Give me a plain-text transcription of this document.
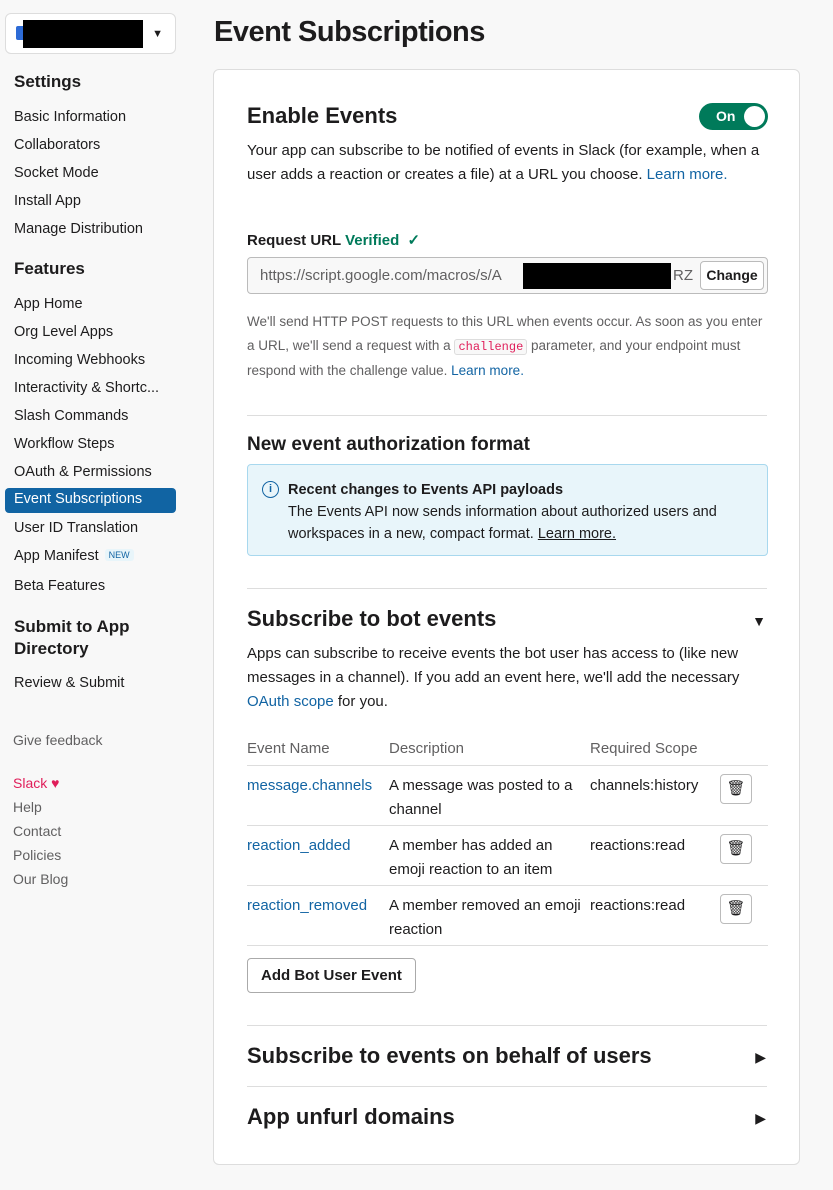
▼
Settings
Basic Information
Collaborators
Socket Mode
Install App
Manage Distribution
Features
App Home
Org Level Apps
Incoming Webhooks
Interactivity & Shortc...
Slash Commands
Workflow Steps
OAuth & Permissions
Event Subscriptions
User ID Translation
App Manifest NEW
Beta Features
Submit to App Directory
Review & Submit
Give feedback
Slack ♥
Help
Contact
Policies
Our Blog
Event Subscriptions
Enable Events	On

Your app can subscribe to be notified of events in Slack (for example, when a user adds a reaction or creates a file) at a URL you choose. Learn more.

Request URL Verified ✓
https://script.google.com/macros/s/A	RZ Change
We'll send HTTP POST requests to this URL when events occur. As soon as you enter a URL, we'll send a request with a challenge parameter, and your endpoint must respond with the challenge value. Learn more.
New event authorization format
i	Recent changes to Events API payloads
The Events API now sends information about authorized users and workspaces in a new, compact format. Learn more.
Subscribe to bot events	▼

Apps can subscribe to receive events the bot user has access to (like new messages in a channel). If you add an event here, we'll add the necessary OAuth scope for you.

Event Name	Description	Required Scope	
message.channels	A message was posted to a channel	channels:history	🗑
reaction_added	A member has added an emoji reaction to an item	reactions:read	🗑
reaction_removed	A member removed an emoji reaction	reactions:read	🗑
Add Bot User Event
Subscribe to events on behalf of users	▶
App unfurl domains	▶
